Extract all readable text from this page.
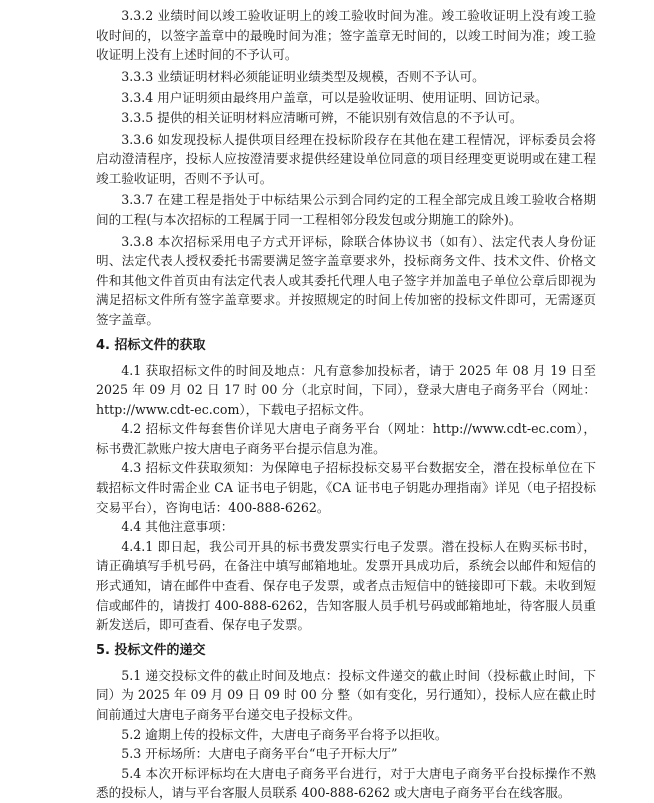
3.3.2 业绩时间以竣工验收证明上的竣工验收时间为准。竣工验收证明上没有竣工验收时间的，以签字盖章中的最晚时间为准；签字盖章无时间的，以竣工时间为准；竣工验收证明上没有上述时间的不予认可。

3.3.3 业绩证明材料必须能证明业绩类型及规模，否则不予认可。

3.3.4 用户证明须由最终用户盖章，可以是验收证明、使用证明、回访记录。

3.3.5 提供的相关证明材料应清晰可辨，不能识别有效信息的不予认可。

3.3.6 如发现投标人提供项目经理在投标阶段存在其他在建工程情况，评标委员会将启动澄清程序，投标人应按澄清要求提供经建设单位同意的项目经理变更说明或在建工程竣工验收证明，否则不予认可。

3.3.7 在建工程是指处于中标结果公示到合同约定的工程全部完成且竣工验收合格期间的工程(与本次招标的工程属于同一工程相邻分段发包或分期施工的除外)。

3.3.8 本次招标采用电子方式开评标，除联合体协议书（如有）、法定代表人身份证明、法定代表人授权委托书需要满足签字盖章要求外，投标商务文件、技术文件、价格文件和其他文件首页由有法定代表人或其委托代理人电子签字并加盖电子单位公章后即视为满足招标文件所有签字盖章要求。并按照规定的时间上传加密的投标文件即可，无需逐页签字盖章。

4. 招标文件的获取

4.1 获取招标文件的时间及地点：凡有意参加投标者，请于 2025 年 08 月 19 日至 2025 年 09 月 02 日 17 时 00 分（北京时间，下同），登录大唐电子商务平台（网址：http://www.cdt-ec.com），下载电子招标文件。

4.2 招标文件每套售价详见大唐电子商务平台（网址：http://www.cdt-ec.com），标书费汇款账户按大唐电子商务平台提示信息为准。

4.3 招标文件获取须知：为保障电子招标投标交易平台数据安全，潜在投标单位在下载招标文件时需企业 CA 证书电子钥匙，《CA 证书电子钥匙办理指南》详见（电子招投标交易平台），咨询电话：400-888-6262。

4.4 其他注意事项：

4.4.1 即日起，我公司开具的标书费发票实行电子发票。潜在投标人在购买标书时，请正确填写手机号码，在备注中填写邮箱地址。发票开具成功后，系统会以邮件和短信的形式通知，请在邮件中查看、保存电子发票，或者点击短信中的链接即可下载。未收到短信或邮件的，请拨打 400-888-6262，告知客服人员手机号码或邮箱地址，待客服人员重新发送后，即可查看、保存电子发票。

5. 投标文件的递交

5.1 递交投标文件的截止时间及地点：投标文件递交的截止时间（投标截止时间，下同）为 2025 年 09 月 09 日 09 时 00 分 整（如有变化，另行通知），投标人应在截止时间前通过大唐电子商务平台递交电子投标文件。

5.2 逾期上传的投标文件，大唐电子商务平台将予以拒收。

5.3 开标场所：大唐电子商务平台“电子开标大厅”

5.4 本次开标评标均在大唐电子商务平台进行，对于大唐电子商务平台投标操作不熟悉的投标人，请与平台客服人员联系 400-888-6262 或大唐电子商务平台在线客服。
